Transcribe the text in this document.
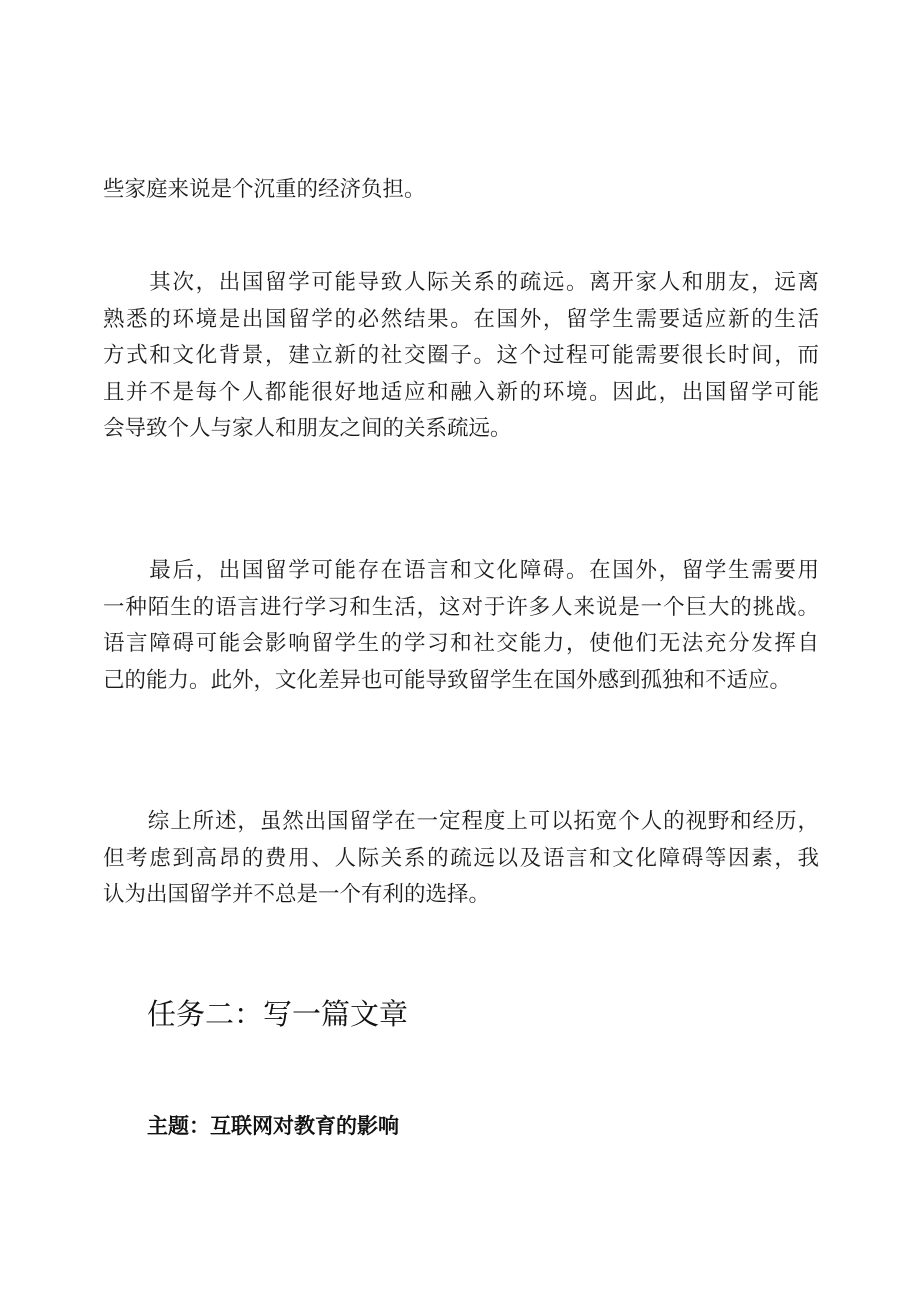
些家庭来说是个沉重的经济负担。
　　其次，出国留学可能导致人际关系的疏远。离开家人和朋友，远离
熟悉的环境是出国留学的必然结果。在国外，留学生需要适应新的生活
方式和文化背景，建立新的社交圈子。这个过程可能需要很长时间，而
且并不是每个人都能很好地适应和融入新的环境。因此，出国留学可能
会导致个人与家人和朋友之间的关系疏远。
　　最后，出国留学可能存在语言和文化障碍。在国外，留学生需要用
一种陌生的语言进行学习和生活，这对于许多人来说是一个巨大的挑战。
语言障碍可能会影响留学生的学习和社交能力，使他们无法充分发挥自
己的能力。此外，文化差异也可能导致留学生在国外感到孤独和不适应。
　　综上所述，虽然出国留学在一定程度上可以拓宽个人的视野和经历，
但考虑到高昂的费用、人际关系的疏远以及语言和文化障碍等因素，我
认为出国留学并不总是一个有利的选择。
任务二：写一篇文章

主题：互联网对教育的影响
